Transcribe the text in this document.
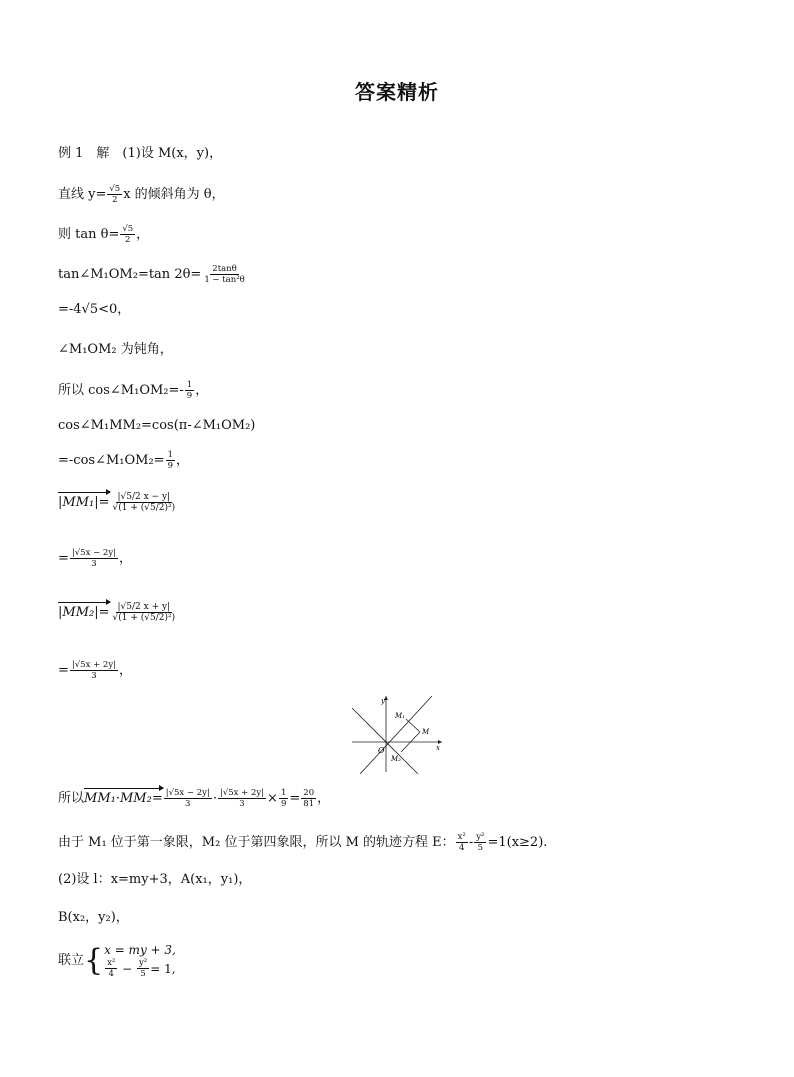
答案精析
例 1　解　(1)设 M(x，y)，
直线 $y= \frac{√5}{2}$ x 的倾斜角为 θ，
则 $\tan \theta= \frac{√5}{2}$ ，
tan∠M₁OM₂=tan $2\theta= \frac{2\tan\theta}{\text{1 − tan²θ}}$
=-4√5<0，
∠M₁OM₂ 为钝角，
所以 cos∠M₁OM₂=- $\frac{1}{9}$ ，
cos∠M₁MM₂=cos(π-∠M₁OM₂)
=-cos∠M₁OM₂= $\frac{1}{9}$ ，
$|MM_1|= \frac{|√5/2 x - y|}{\text{√(1 + (√5/2)²)}}$
= $\frac{|√5x - 2y|}{3}$ ，
$|MM_2|= \frac{|√5/2 x + y|}{\text{√(1 + (√5/2)²)}}$
= $\frac{|√5x + 2y|}{3}$ ，
y
x
O
M
M₁
M₂
所以 $MM_1\cdot MM_2= \frac{|√5x - 2y|}{3} \cdot \frac{|√5x + 2y|}{3} \times \frac{1}{9} = \frac{20}{81}$ ，
由于 M₁ 位于第一象限，M₂ 位于第四象限，所以 M 的轨迹方程 E： $\frac{\text{x²}}{4} - \frac{\text{y²}}{5} =1(x\ge 2)$.
(2)设 l：x=my+3，A(x₁，y₁)，
B(x₂，y₂)，
联立 { x = my + 3,
$\frac{\text{x²}}{4} - \frac{\text{y²}}{5} = 1$,
